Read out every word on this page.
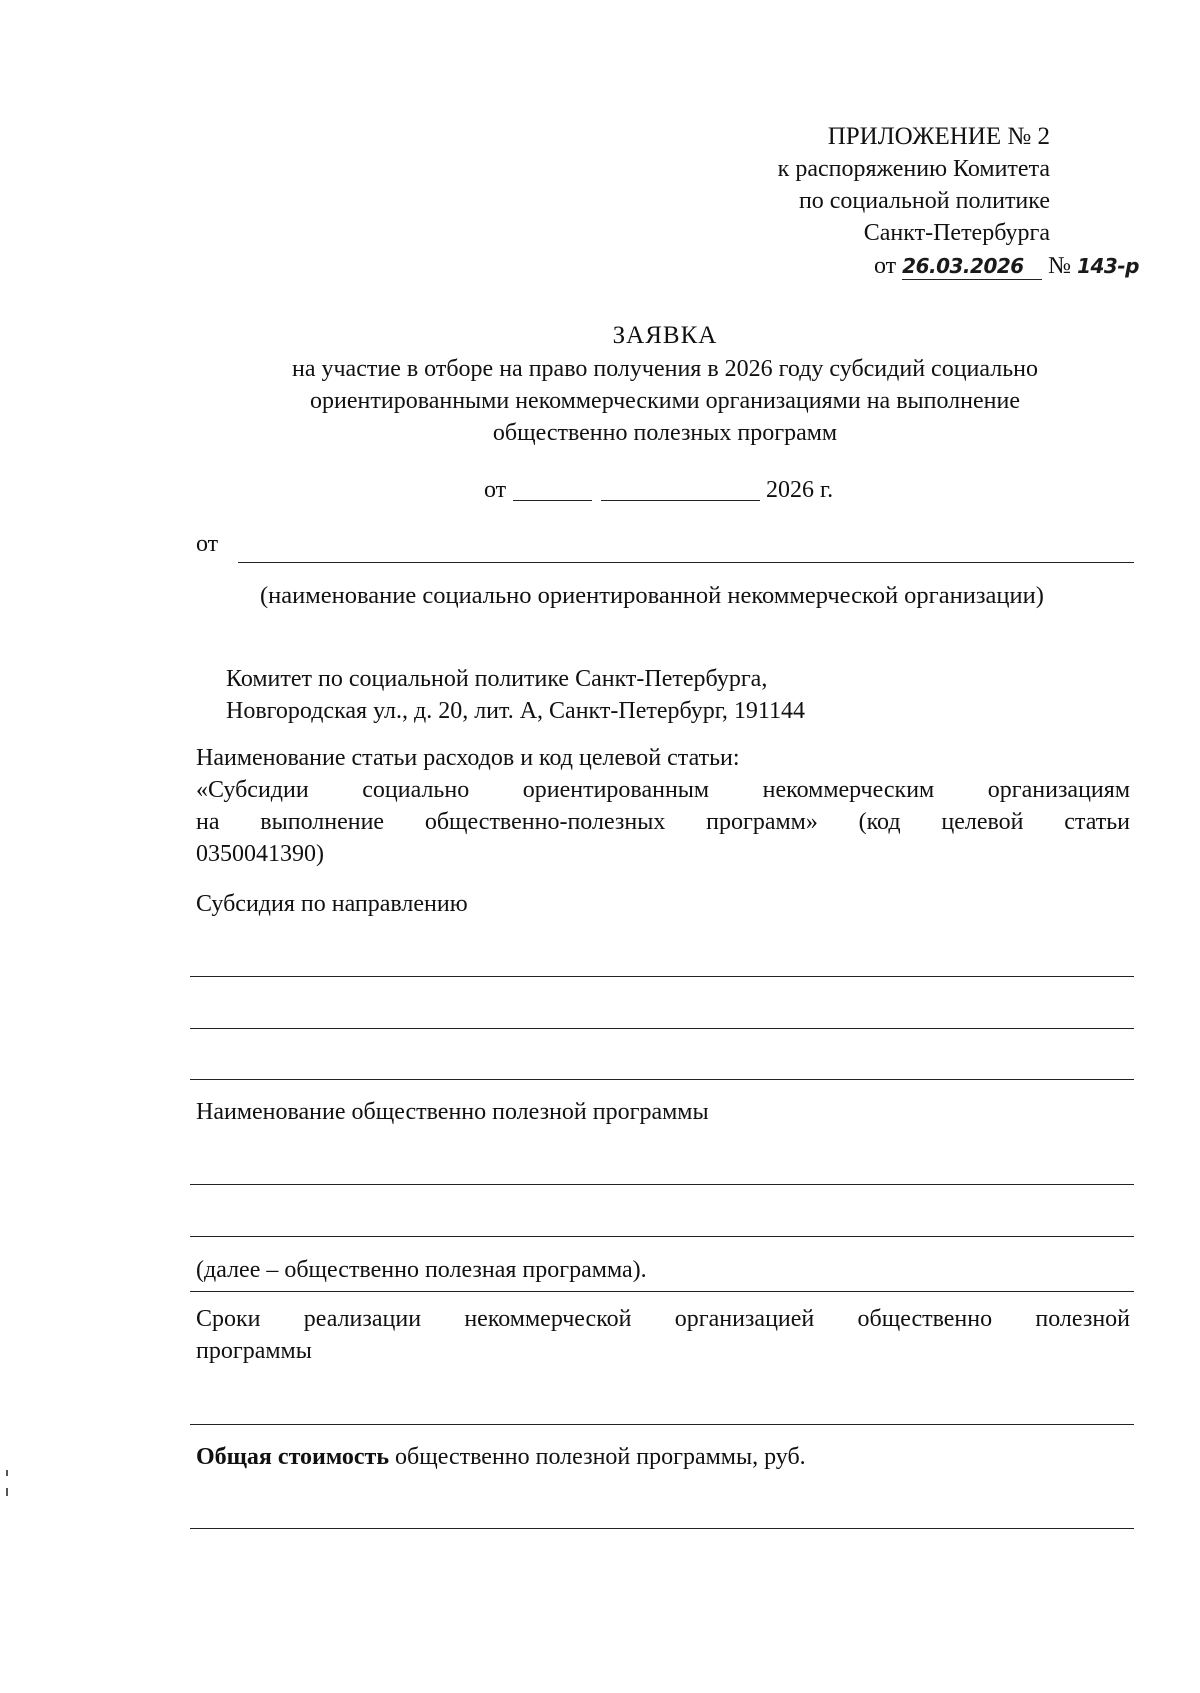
ПРИЛОЖЕНИЕ № 2
к распоряжению Комитета
по социальной политике
Санкт-Петербурга
от 26.03.2026 № 143-р
ЗАЯВКА
на участие в отборе на право получения в 2026 году субсидий социально
ориентированными некоммерческими организациями на выполнение
общественно полезных программ
от	2026 г.
от
(наименование социально ориентированной некоммерческой организации)
Комитет по социальной политике Санкт-Петербурга,
Новгородская ул., д. 20, лит. А, Санкт-Петербург, 191144
Наименование статьи расходов и код целевой статьи:
«Субсидии социально ориентированным некоммерческим организациям
на выполнение общественно-полезных программ» (код целевой статьи
0350041390)
Субсидия по направлению
Наименование общественно полезной программы
(далее – общественно полезная программа).
Сроки реализации некоммерческой организацией общественно полезной
программы
Общая стоимость общественно полезной программы, руб.
